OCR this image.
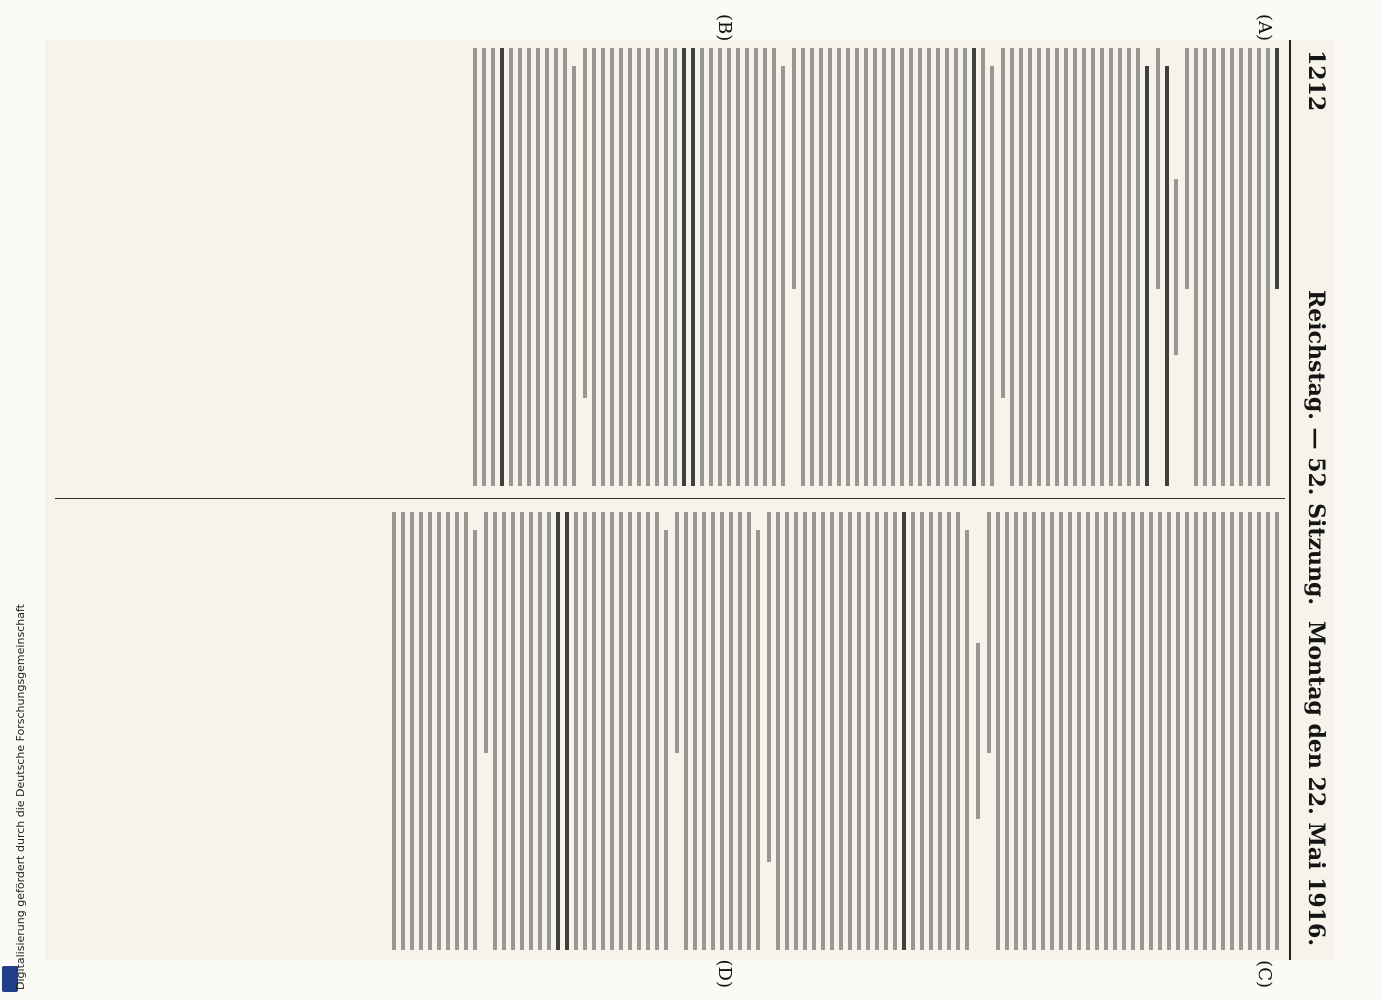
Digitalisierung gefördert durch die Deutsche Forschungsgemeinschaft
1212
Reichstag. — 52. Sitzung.
Montag den 22. Mai 1916.
(A)
(B)
(C)
(D)
